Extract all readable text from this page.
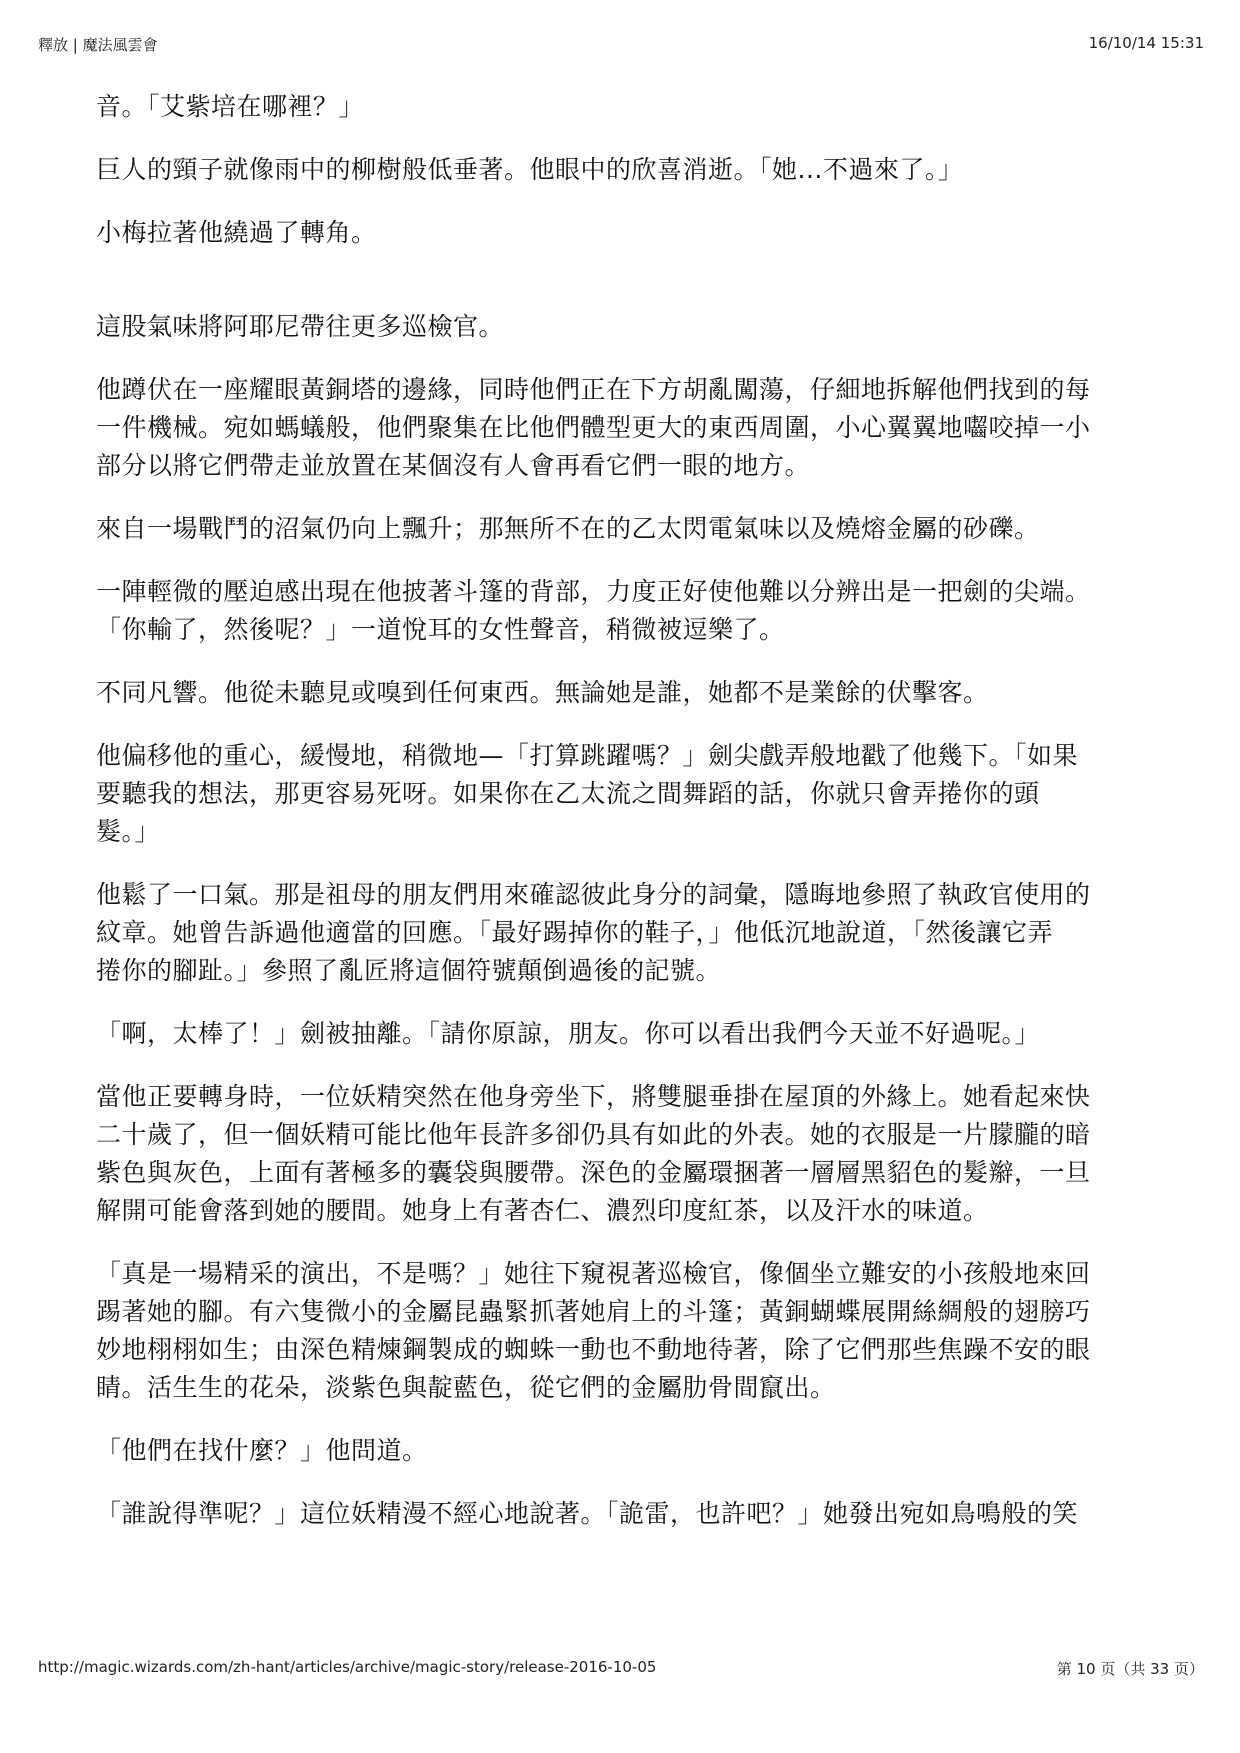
釋放 | 魔法風雲會	16/10/14 15:31

音。「艾紫培在哪裡？」

巨人的頸子就像雨中的柳樹般低垂著。他眼中的欣喜消逝。「她...不過來了。」

小梅拉著他繞過了轉角。

這股氣味將阿耶尼帶往更多巡檢官。

他蹲伏在一座耀眼黃銅塔的邊緣，同時他們正在下方胡亂闖蕩，仔細地拆解他們找到的每
一件機械。宛如螞蟻般，他們聚集在比他們體型更大的東西周圍，小心翼翼地囓咬掉一小
部分以將它們帶走並放置在某個沒有人會再看它們一眼的地方。

來自一場戰鬥的沼氣仍向上飄升；那無所不在的乙太閃電氣味以及燒熔金屬的砂礫。

一陣輕微的壓迫感出現在他披著斗篷的背部，力度正好使他難以分辨出是一把劍的尖端。
「你輸了，然後呢？」一道悅耳的女性聲音，稍微被逗樂了。

不同凡響。他從未聽見或嗅到任何東西。無論她是誰，她都不是業餘的伏擊客。

他偏移他的重心，緩慢地，稍微地—「打算跳躍嗎？」劍尖戲弄般地戳了他幾下。「如果
要聽我的想法，那更容易死呀。如果你在乙太流之間舞蹈的話，你就只會弄捲你的頭
髮。」

他鬆了一口氣。那是祖母的朋友們用來確認彼此身分的詞彙，隱晦地參照了執政官使用的
紋章。她曾告訴過他適當的回應。「最好踢掉你的鞋子，」他低沉地說道，「然後讓它弄
捲你的腳趾。」參照了亂匠將這個符號顛倒過後的記號。

「啊，太棒了！」劍被抽離。「請你原諒，朋友。你可以看出我們今天並不好過呢。」

當他正要轉身時，一位妖精突然在他身旁坐下，將雙腿垂掛在屋頂的外緣上。她看起來快
二十歲了，但一個妖精可能比他年長許多卻仍具有如此的外表。她的衣服是一片朦朧的暗
紫色與灰色，上面有著極多的囊袋與腰帶。深色的金屬環捆著一層層黑貂色的髮辮，一旦
解開可能會落到她的腰間。她身上有著杏仁、濃烈印度紅茶，以及汗水的味道。

「真是一場精采的演出，不是嗎？」她往下窺視著巡檢官，像個坐立難安的小孩般地來回
踢著她的腳。有六隻微小的金屬昆蟲緊抓著她肩上的斗篷；黃銅蝴蝶展開絲綢般的翅膀巧
妙地栩栩如生；由深色精煉鋼製成的蜘蛛一動也不動地待著，除了它們那些焦躁不安的眼
睛。活生生的花朵，淡紫色與靛藍色，從它們的金屬肋骨間竄出。

「他們在找什麼？」他問道。

「誰說得準呢？」這位妖精漫不經心地說著。「詭雷，也許吧？」她發出宛如鳥鳴般的笑

http://magic.wizards.com/zh-hant/articles/archive/magic-story/release-2016-10-05	第 10 页（共 33 页）
